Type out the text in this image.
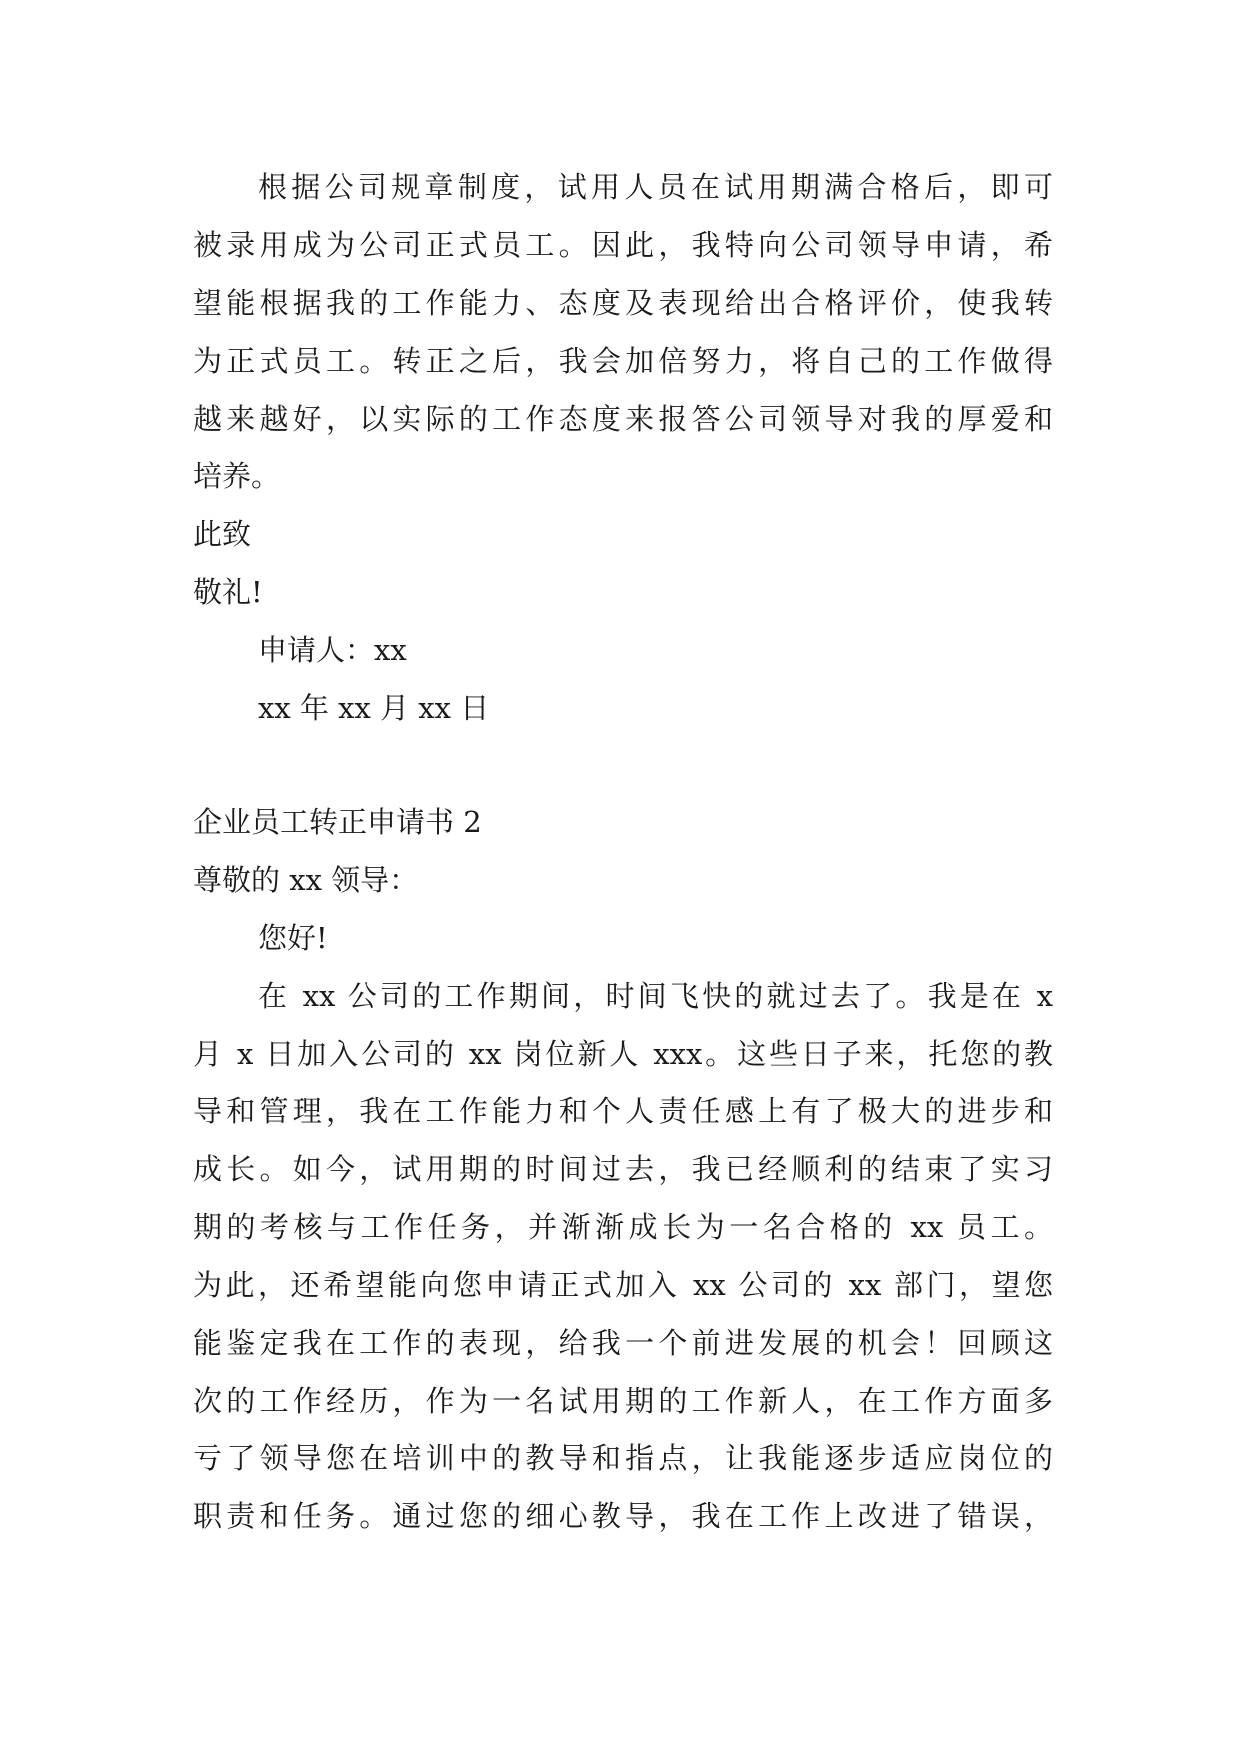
根据公司规章制度，试用人员在试用期满合格后，即可
被录用成为公司正式员工。因此，我特向公司领导申请，希
望能根据我的工作能力、态度及表现给出合格评价，使我转
为正式员工。转正之后，我会加倍努力，将自己的工作做得
越来越好，以实际的工作态度来报答公司领导对我的厚爱和
培养。
此致
敬礼!
申请人：xx
xx 年 xx 月 xx 日
企业员工转正申请书 2
尊敬的 xx 领导：
您好!
在 xx 公司的工作期间，时间飞快的就过去了。我是在 x
月 x 日加入公司的 xx 岗位新人 xxx。这些日子来，托您的教
导和管理，我在工作能力和个人责任感上有了极大的进步和
成长。如今，试用期的时间过去，我已经顺利的结束了实习
期的考核与工作任务，并渐渐成长为一名合格的 xx 员工。
为此，还希望能向您申请正式加入 xx 公司的 xx 部门，望您
能鉴定我在工作的表现，给我一个前进发展的机会！回顾这
次的工作经历，作为一名试用期的工作新人，在工作方面多
亏了领导您在培训中的教导和指点，让我能逐步适应岗位的
职责和任务。通过您的细心教导，我在工作上改进了错误，
